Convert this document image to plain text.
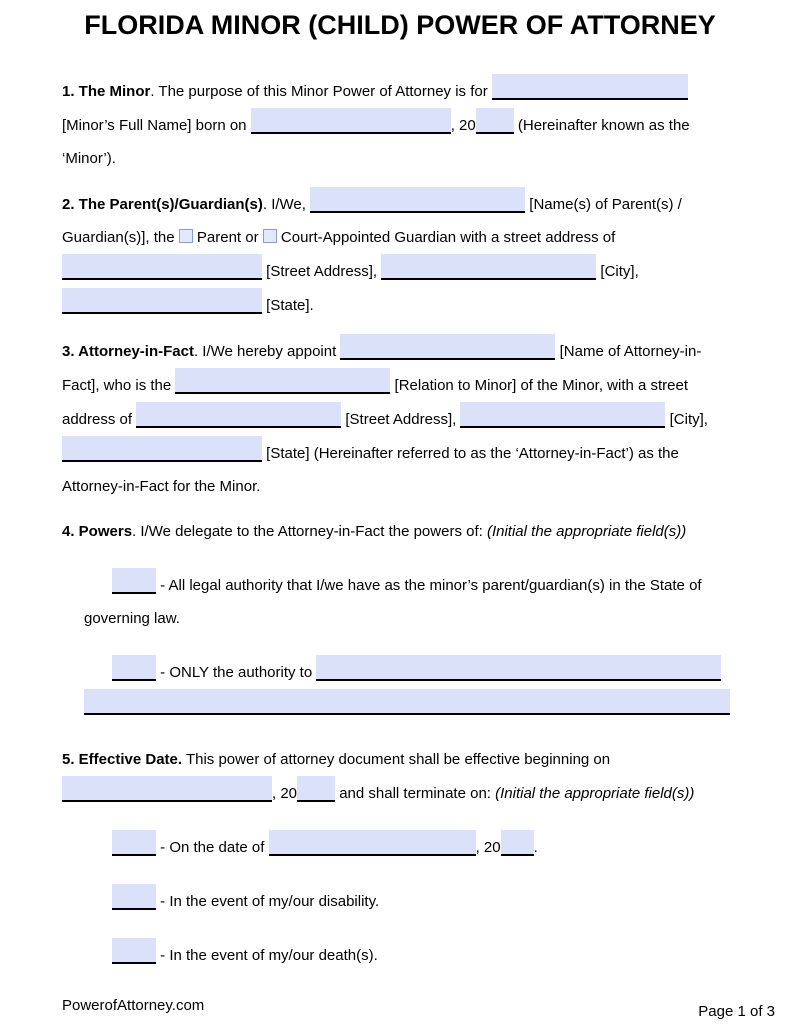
FLORIDA MINOR (CHILD) POWER OF ATTORNEY

1. The Minor. The purpose of this Minor Power of Attorney is for  [Minor’s Full Name] born on	, 20	(Hereinafter known as the ‘Minor’).

2. The Parent(s)/Guardian(s). I/We,	[Name(s) of Parent(s) / Guardian(s)], the  Parent or  Court-Appointed Guardian with a street address of  [Street Address],	[City],  [State].

3. Attorney-in-Fact. I/We hereby appoint	[Name of Attorney-in-Fact], who is the	[Relation to Minor] of the Minor, with a street address of	[Street Address],	[City],  [State] (Hereinafter referred to as the ‘Attorney-in-Fact’) as the Attorney-in-Fact for the Minor.

4. Powers. I/We delegate to the Attorney-in-Fact the powers of: (Initial the appropriate field(s))

- All legal authority that I/we have as the minor’s parent/guardian(s) in the State of governing law.

- ONLY the authority to

5. Effective Date. This power of attorney document shall be effective beginning on , 20	and shall terminate on: (Initial the appropriate field(s))

- On the date of	, 20 .

- In the event of my/our disability.

- In the event of my/our death(s).

PowerofAttorney.com	Page 1 of 3
